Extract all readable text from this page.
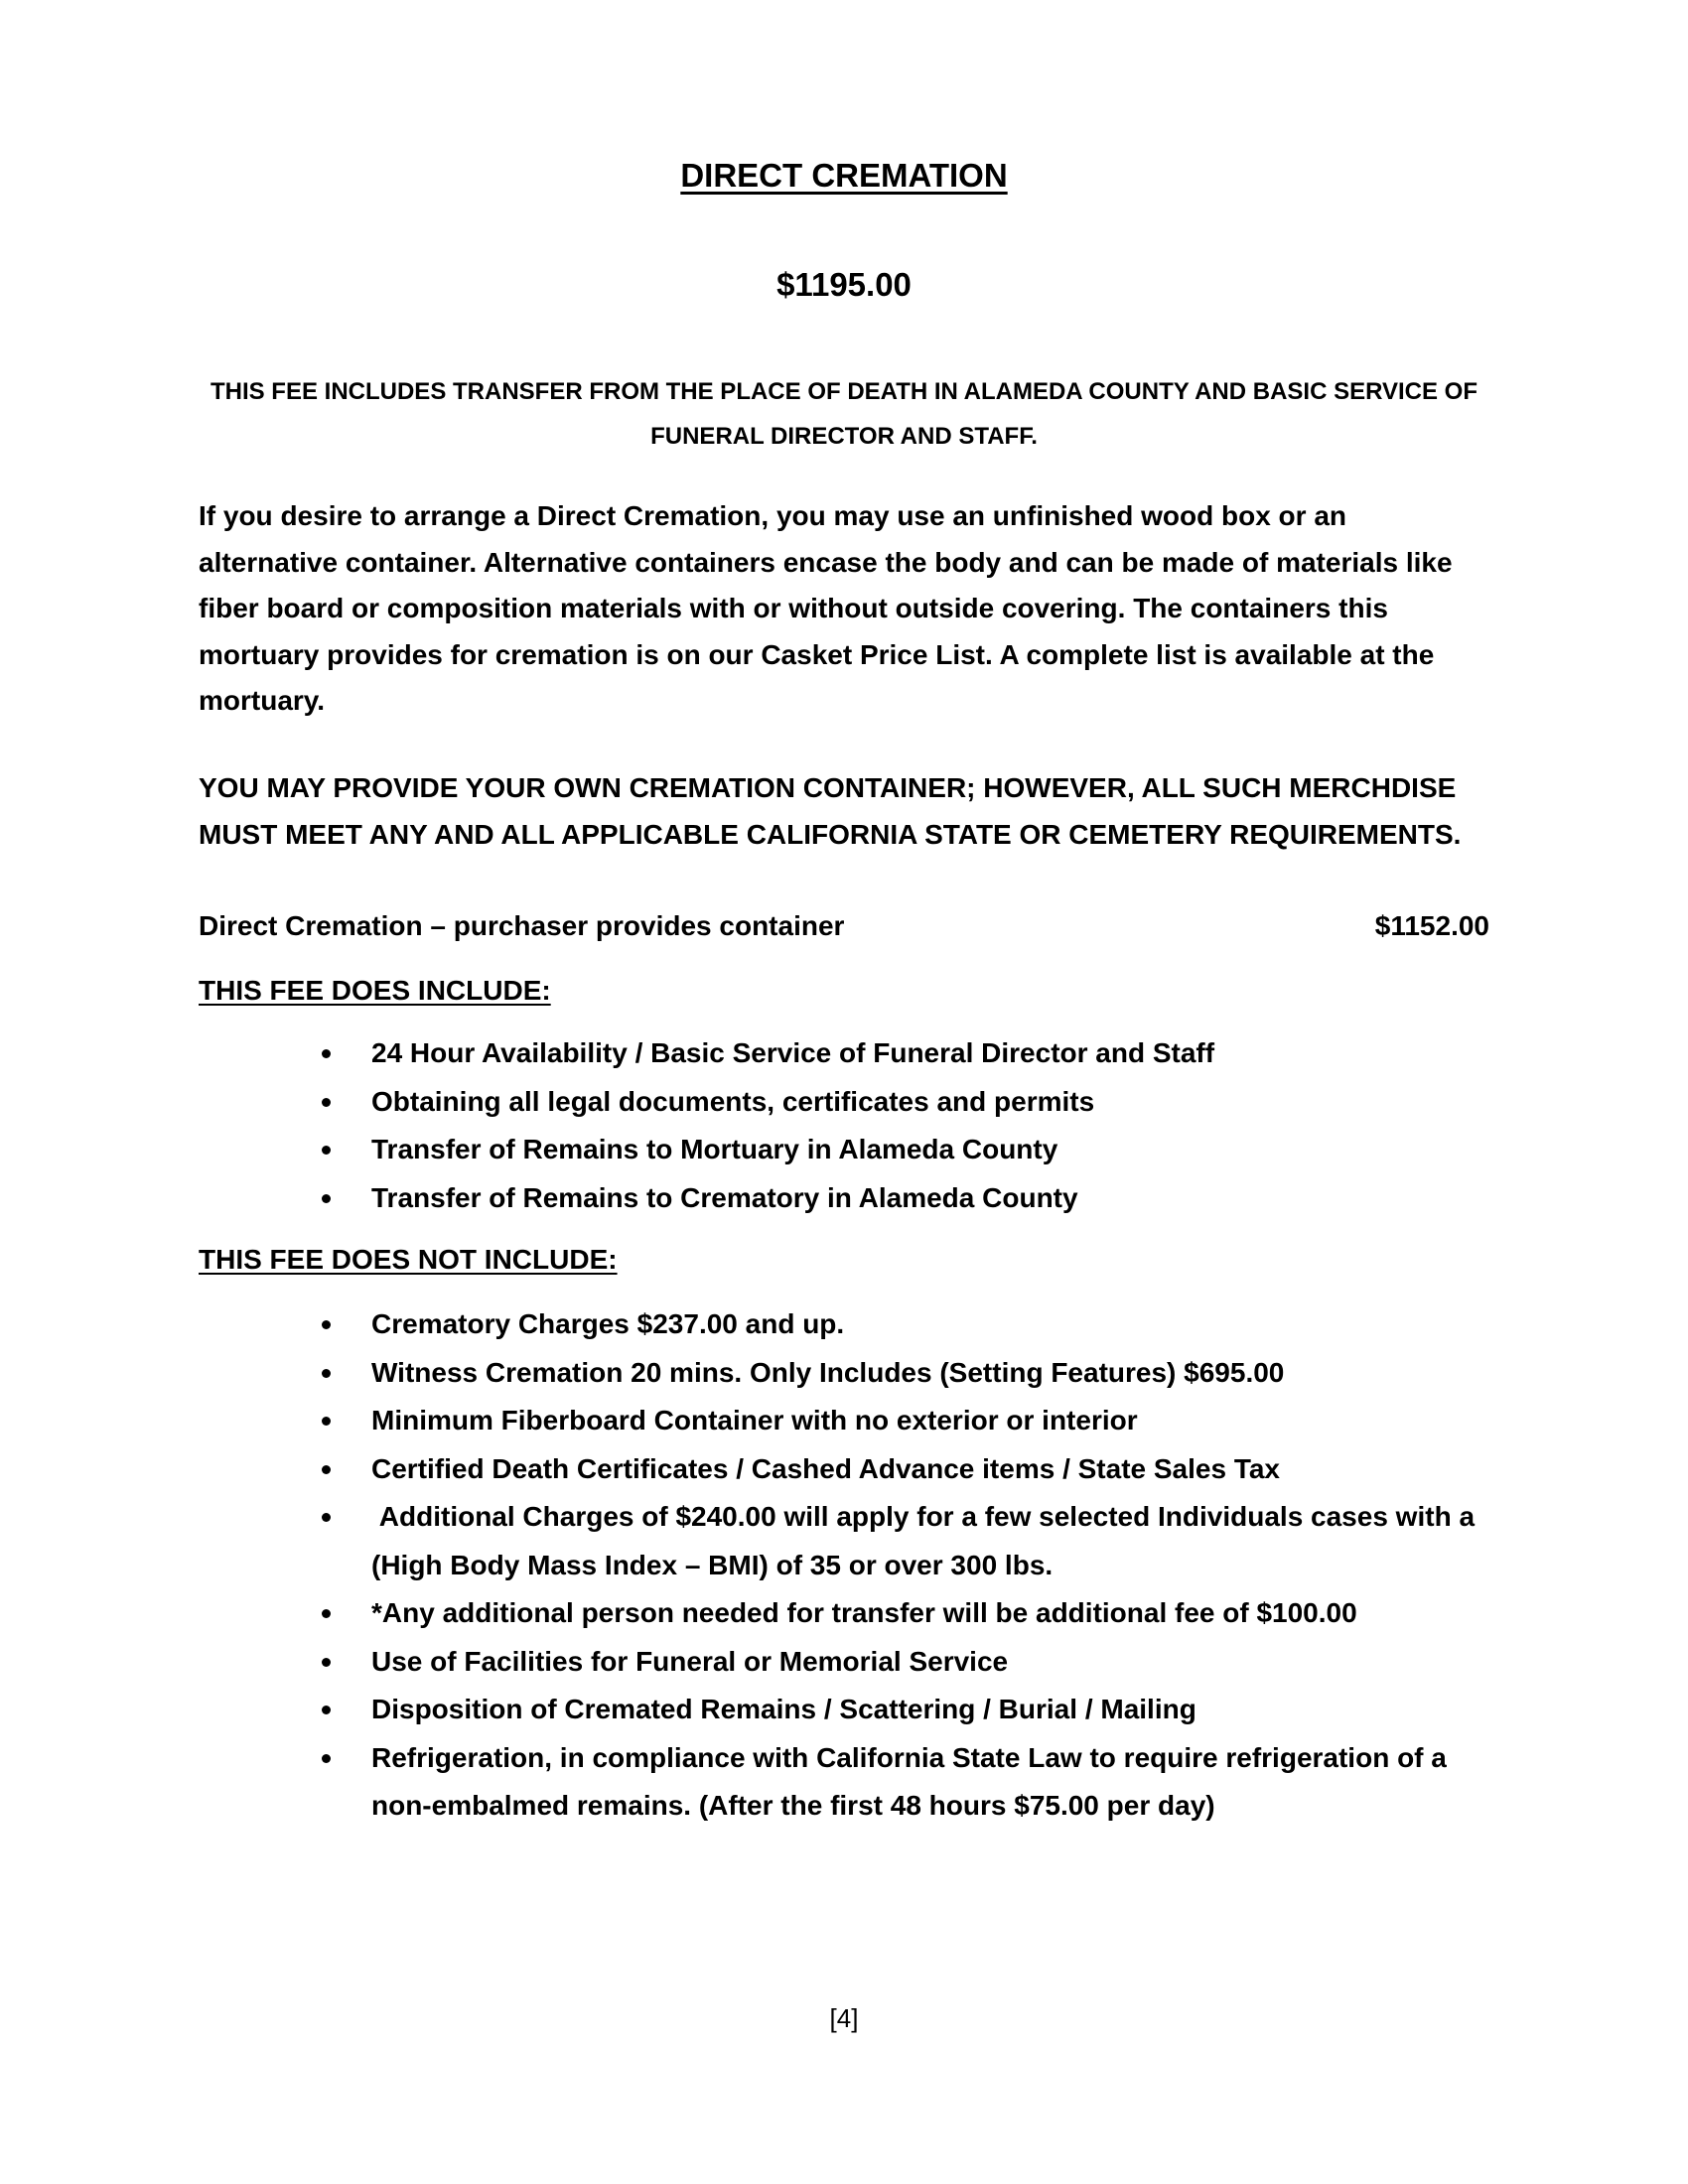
DIRECT CREMATION
$1195.00
THIS FEE INCLUDES TRANSFER FROM THE PLACE OF DEATH IN ALAMEDA COUNTY AND BASIC SERVICE OF FUNERAL DIRECTOR AND STAFF.

If you desire to arrange a Direct Cremation, you may use an unfinished wood box or an alternative container. Alternative containers encase the body and can be made of materials like fiber board or composition materials with or without outside covering. The containers this mortuary provides for cremation is on our Casket Price List. A complete list is available at the mortuary.

YOU MAY PROVIDE YOUR OWN CREMATION CONTAINER; HOWEVER, ALL SUCH MERCHDISE MUST MEET ANY AND ALL APPLICABLE CALIFORNIA STATE OR CEMETERY REQUIREMENTS.

Direct Cremation – purchaser provides container	$1152.00
THIS FEE DOES INCLUDE:
24 Hour Availability / Basic Service of Funeral Director and Staff
Obtaining all legal documents, certificates and permits
Transfer of Remains to Mortuary in Alameda County
Transfer of Remains to Crematory in Alameda County
THIS FEE DOES NOT INCLUDE:
Crematory Charges $237.00 and up.
Witness Cremation 20 mins. Only Includes (Setting Features) $695.00
Minimum Fiberboard Container with no exterior or interior
Certified Death Certificates / Cashed Advance items / State Sales Tax
Additional Charges of $240.00 will apply for a few selected Individuals cases with a (High Body Mass Index – BMI) of 35 or over 300 lbs.
*Any additional person needed for transfer will be additional fee of $100.00
Use of Facilities for Funeral or Memorial Service
Disposition of Cremated Remains / Scattering / Burial / Mailing
Refrigeration, in compliance with California State Law to require refrigeration of a non-embalmed remains. (After the first 48 hours $75.00 per day)
[4]
